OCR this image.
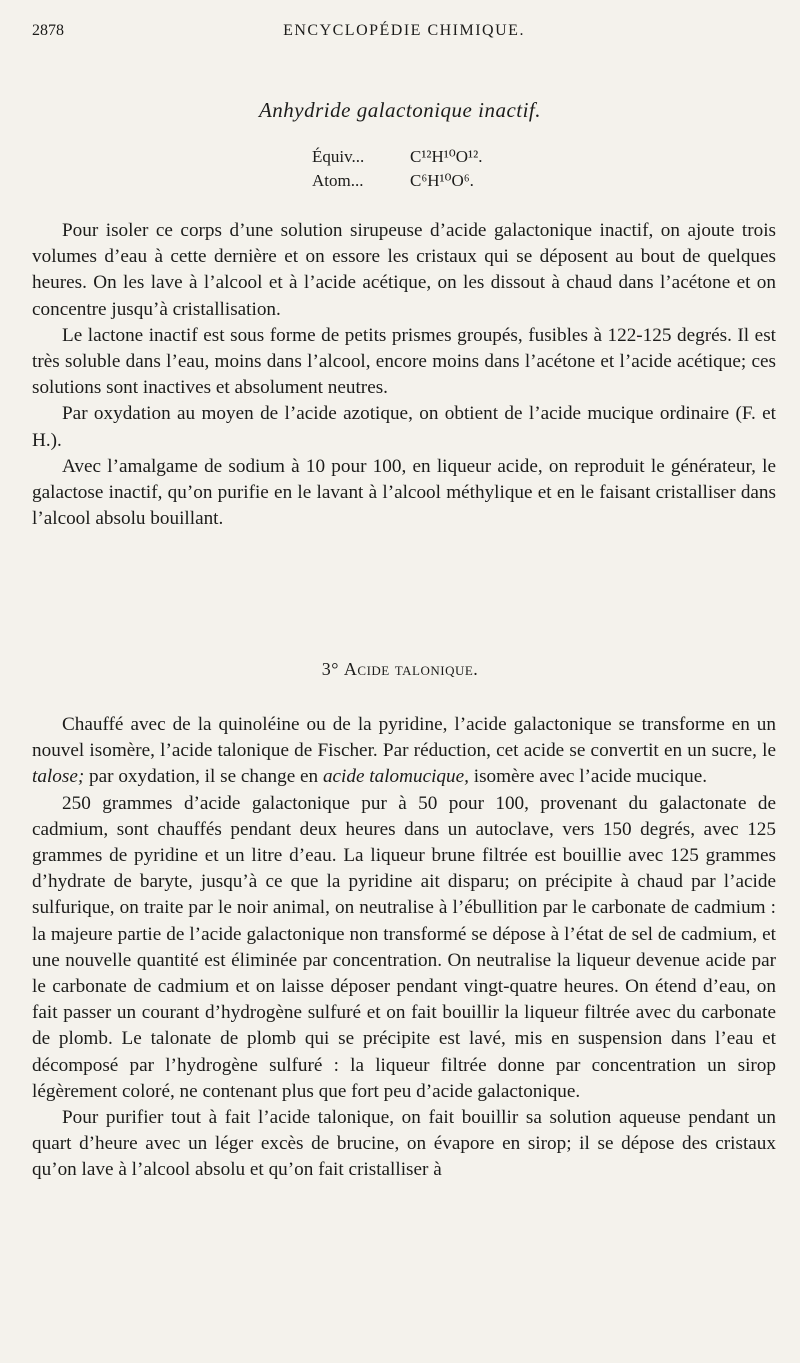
2878	ENCYCLOPÉDIE CHIMIQUE.
Anhydride galactonique inactif.
Équiv...	C¹²H¹⁰O¹².
Atom...	C⁶H¹⁰O⁶.

Pour isoler ce corps d’une solution sirupeuse d’acide galactonique inactif, on ajoute trois volumes d’eau à cette dernière et on essore les cristaux qui se déposent au bout de quelques heures. On les lave à l’alcool et à l’acide acétique, on les dissout à chaud dans l’acétone et on concentre jusqu’à cristallisation.

Le lactone inactif est sous forme de petits prismes groupés, fusibles à 122-125 degrés. Il est très soluble dans l’eau, moins dans l’alcool, encore moins dans l’acétone et l’acide acétique; ces solutions sont inactives et absolument neutres.

Par oxydation au moyen de l’acide azotique, on obtient de l’acide mucique ordinaire (F. et H.).

Avec l’amalgame de sodium à 10 pour 100, en liqueur acide, on reproduit le générateur, le galactose inactif, qu’on purifie en le lavant à l’alcool méthylique et en le faisant cristalliser dans l’alcool absolu bouillant.

3° Acide talonique.

Chauffé avec de la quinoléine ou de la pyridine, l’acide galactonique se transforme en un nouvel isomère, l’acide talonique de Fischer. Par réduction, cet acide se convertit en un sucre, le talose; par oxydation, il se change en acide talomucique, isomère avec l’acide mucique.

250 grammes d’acide galactonique pur à 50 pour 100, provenant du galactonate de cadmium, sont chauffés pendant deux heures dans un autoclave, vers 150 degrés, avec 125 grammes de pyridine et un litre d’eau. La liqueur brune filtrée est bouillie avec 125 grammes d’hydrate de baryte, jusqu’à ce que la pyridine ait disparu; on précipite à chaud par l’acide sulfurique, on traite par le noir animal, on neutralise à l’ébullition par le carbonate de cadmium : la majeure partie de l’acide galactonique non transformé se dépose à l’état de sel de cadmium, et une nouvelle quantité est éliminée par concentration. On neutralise la liqueur devenue acide par le carbonate de cadmium et on laisse déposer pendant vingt-quatre heures. On étend d’eau, on fait passer un courant d’hydrogène sulfuré et on fait bouillir la liqueur filtrée avec du carbonate de plomb. Le talonate de plomb qui se précipite est lavé, mis en suspension dans l’eau et décomposé par l’hydrogène sulfuré : la liqueur filtrée donne par concentration un sirop légèrement coloré, ne contenant plus que fort peu d’acide galactonique.

Pour purifier tout à fait l’acide talonique, on fait bouillir sa solution aqueuse pendant un quart d’heure avec un léger excès de brucine, on évapore en sirop; il se dépose des cristaux qu’on lave à l’alcool absolu et qu’on fait cristalliser à
